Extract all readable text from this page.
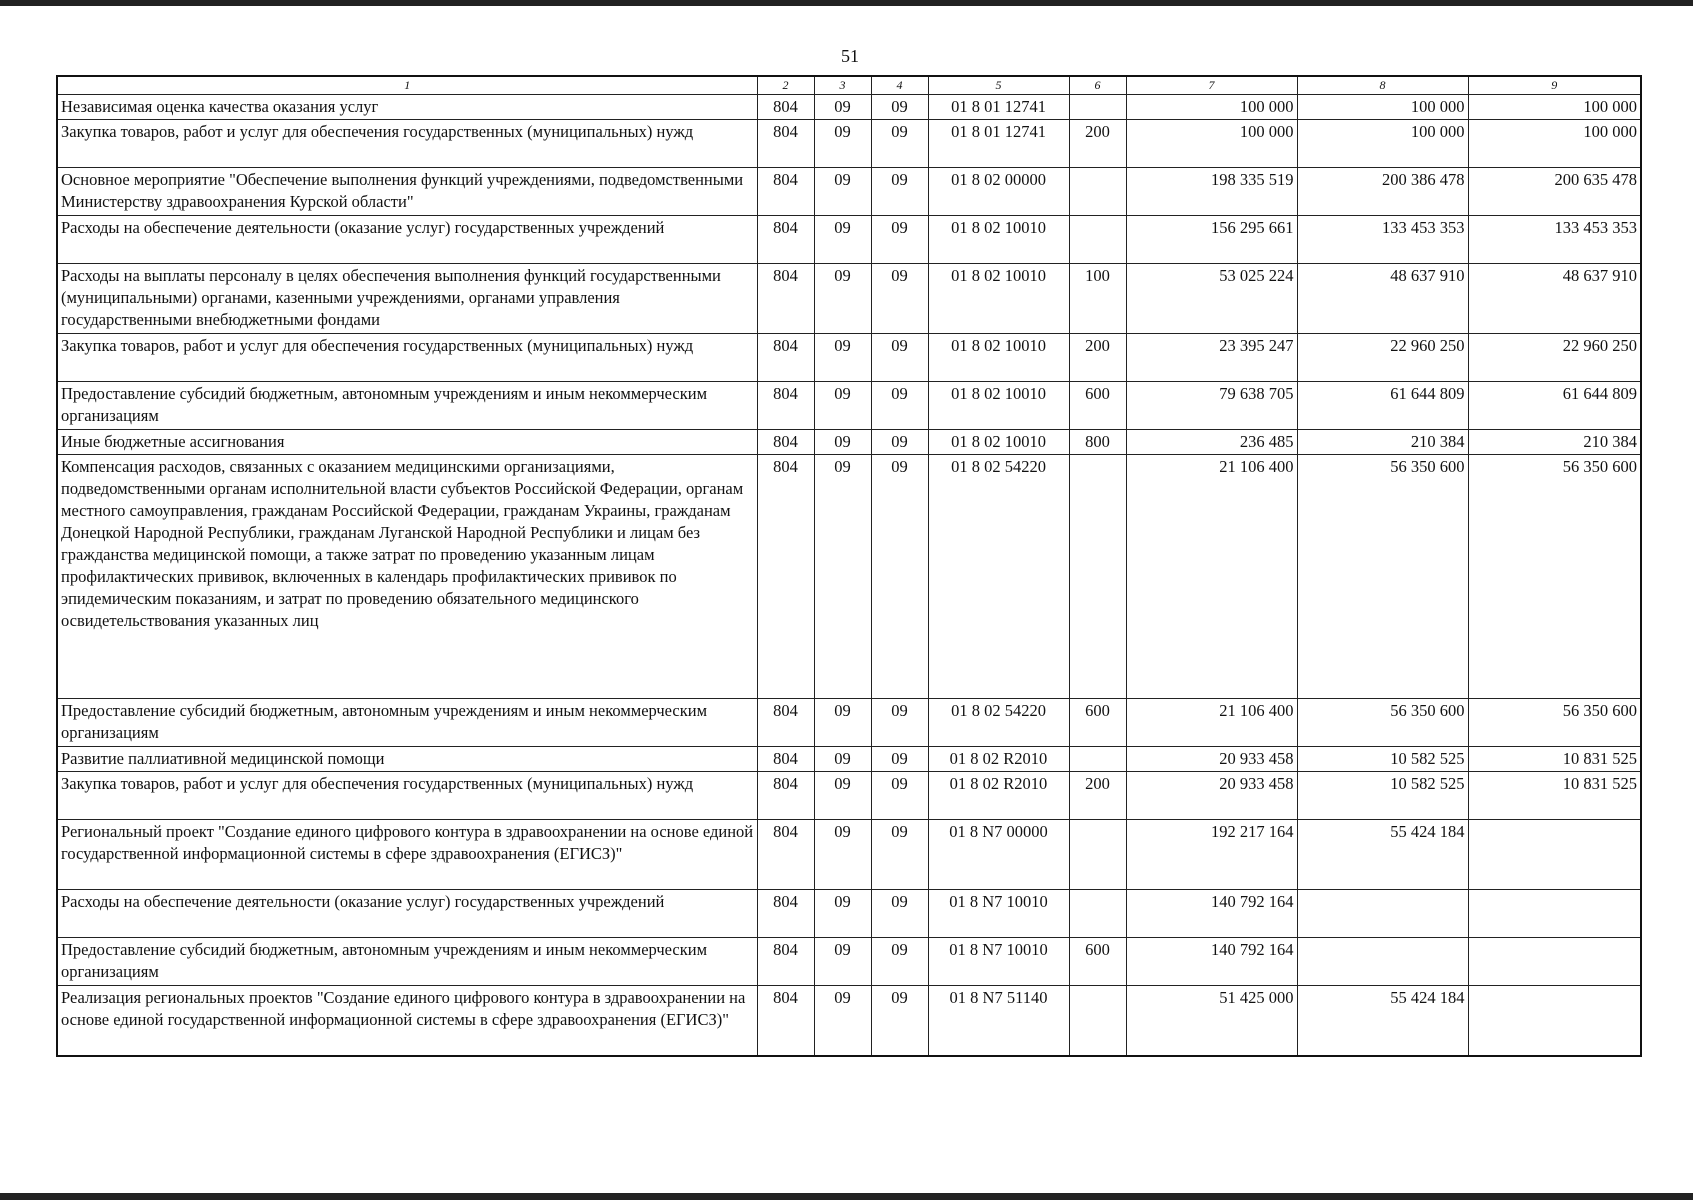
51
1	2	3	4	5	6	7	8	9
Независимая оценка качества оказания услуг	804	09	09	01 8 01 12741		100 000	100 000	100 000
Закупка товаров, работ и услуг для обеспечения государственных (муниципальных) нужд	804	09	09	01 8 01 12741	200	100 000	100 000	100 000
Основное мероприятие "Обеспечение выполнения функций учреждениями, подведомственными Министерству здравоохранения Курской области"	804	09	09	01 8 02 00000		198 335 519	200 386 478	200 635 478
Расходы на обеспечение деятельности (оказание услуг) государственных учреждений	804	09	09	01 8 02 10010		156 295 661	133 453 353	133 453 353
Расходы на выплаты персоналу в целях обеспечения выполнения функций государственными (муниципальными) органами, казенными учреждениями, органами управления государственными внебюджетными фондами	804	09	09	01 8 02 10010	100	53 025 224	48 637 910	48 637 910
Закупка товаров, работ и услуг для обеспечения государственных (муниципальных) нужд	804	09	09	01 8 02 10010	200	23 395 247	22 960 250	22 960 250
Предоставление субсидий бюджетным, автономным учреждениям и иным некоммерческим организациям	804	09	09	01 8 02 10010	600	79 638 705	61 644 809	61 644 809
Иные бюджетные ассигнования	804	09	09	01 8 02 10010	800	236 485	210 384	210 384
Компенсация расходов, связанных с оказанием медицинскими организациями, подведомственными органам исполнительной власти субъектов Российской Федерации, органам местного самоуправления, гражданам Российской Федерации, гражданам Украины, гражданам Донецкой Народной Республики, гражданам Луганской Народной Республики и лицам без гражданства медицинской помощи, а также затрат по проведению указанным лицам профилактических прививок, включенных в календарь профилактических прививок по эпидемическим показаниям, и затрат по проведению обязательного медицинского освидетельствования указанных лиц	804	09	09	01 8 02 54220		21 106 400	56 350 600	56 350 600
Предоставление субсидий бюджетным, автономным учреждениям и иным некоммерческим организациям	804	09	09	01 8 02 54220	600	21 106 400	56 350 600	56 350 600
Развитие паллиативной медицинской помощи	804	09	09	01 8 02 R2010		20 933 458	10 582 525	10 831 525
Закупка товаров, работ и услуг для обеспечения государственных (муниципальных) нужд	804	09	09	01 8 02 R2010	200	20 933 458	10 582 525	10 831 525
Региональный проект "Создание единого цифрового контура в здравоохранении на основе единой государственной информационной системы в сфере здравоохранения (ЕГИСЗ)"	804	09	09	01 8 N7 00000		192 217 164	55 424 184	
Расходы на обеспечение деятельности (оказание услуг) государственных учреждений	804	09	09	01 8 N7 10010		140 792 164		
Предоставление субсидий бюджетным, автономным учреждениям и иным некоммерческим организациям	804	09	09	01 8 N7 10010	600	140 792 164		
Реализация региональных проектов "Создание единого цифрового контура в здравоохранении на основе единой государственной информационной системы в сфере здравоохранения (ЕГИСЗ)"	804	09	09	01 8 N7 51140		51 425 000	55 424 184	
